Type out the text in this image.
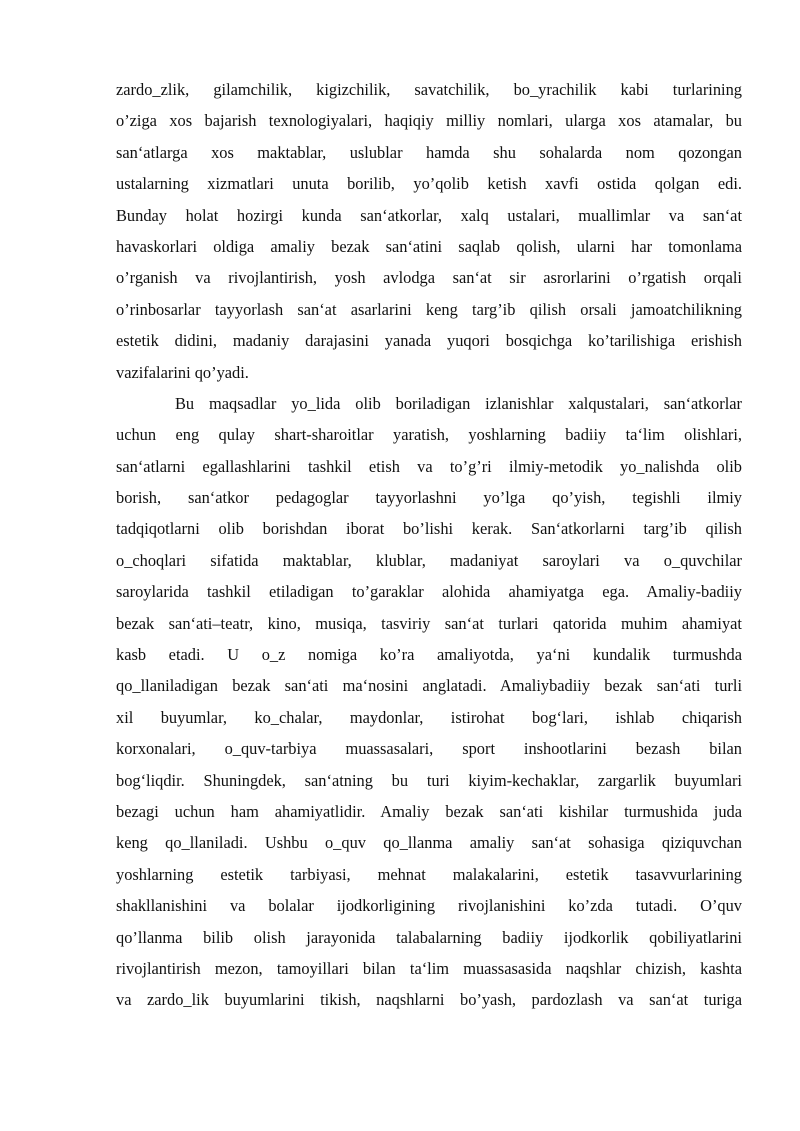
zardo_zlik, gilamchilik, kigizchilik, savatchilik, bo_yrachilik kabi turlarining
o’ziga xos bajarish texnologiyalari, haqiqiy milliy nomlari, ularga xos atamalar, bu
san‘atlarga xos maktablar, uslublar hamda shu sohalarda nom qozongan
ustalarning xizmatlari unuta borilib, yo’qolib ketish xavfi ostida qolgan edi.
Bunday holat hozirgi kunda san‘atkorlar, xalq ustalari, muallimlar va san‘at
havaskorlari oldiga amaliy bezak san‘atini saqlab qolish, ularni har tomonlama
o’rganish va rivojlantirish, yosh avlodga san‘at sir asrorlarini o’rgatish orqali
o’rinbosarlar tayyorlash san‘at asarlarini keng targ’ib qilish orsali jamoatchilikning
estetik didini, madaniy darajasini yanada yuqori bosqichga ko’tarilishiga erishish
vazifalarini qo’yadi.
Bu maqsadlar yo_lida olib boriladigan izlanishlar xalqustalari, san‘atkorlar
uchun eng qulay shart-sharoitlar yaratish, yoshlarning badiiy ta‘lim olishlari,
san‘atlarni egallashlarini tashkil etish va to’g’ri ilmiy-metodik yo_nalishda olib
borish, san‘atkor pedagoglar tayyorlashni yo’lga qo’yish, tegishli ilmiy
tadqiqotlarni olib borishdan iborat bo’lishi kerak. San‘atkorlarni targ’ib qilish
o_choqlari sifatida maktablar, klublar, madaniyat saroylari va o_quvchilar
saroylarida tashkil etiladigan to’garaklar alohida ahamiyatga ega. Amaliy-badiiy
bezak san‘ati–teatr, kino, musiqa, tasviriy san‘at turlari qatorida muhim ahamiyat
kasb etadi. U o_z nomiga ko’ra amaliyotda, ya‘ni kundalik turmushda
qo_llaniladigan bezak san‘ati ma‘nosini anglatadi. Amaliybadiiy bezak san‘ati turli
xil buyumlar, ko_chalar, maydonlar, istirohat bog‘lari, ishlab chiqarish
korxonalari, o_quv-tarbiya muassasalari, sport inshootlarini bezash bilan
bog‘liqdir. Shuningdek, san‘atning bu turi kiyim-kechaklar, zargarlik buyumlari
bezagi uchun ham ahamiyatlidir. Amaliy bezak san‘ati kishilar turmushida juda
keng qo_llaniladi. Ushbu o_quv qo_llanma amaliy san‘at sohasiga qiziquvchan
yoshlarning estetik tarbiyasi, mehnat malakalarini, estetik tasavvurlarining
shakllanishini va bolalar ijodkorligining rivojlanishini ko’zda tutadi. O’quv
qo’llanma bilib olish jarayonida talabalarning badiiy ijodkorlik qobiliyatlarini
rivojlantirish mezon, tamoyillari bilan ta‘lim muassasasida naqshlar chizish, kashta
va zardo_lik buyumlarini tikish, naqshlarni bo’yash, pardozlash va san‘at turiga
